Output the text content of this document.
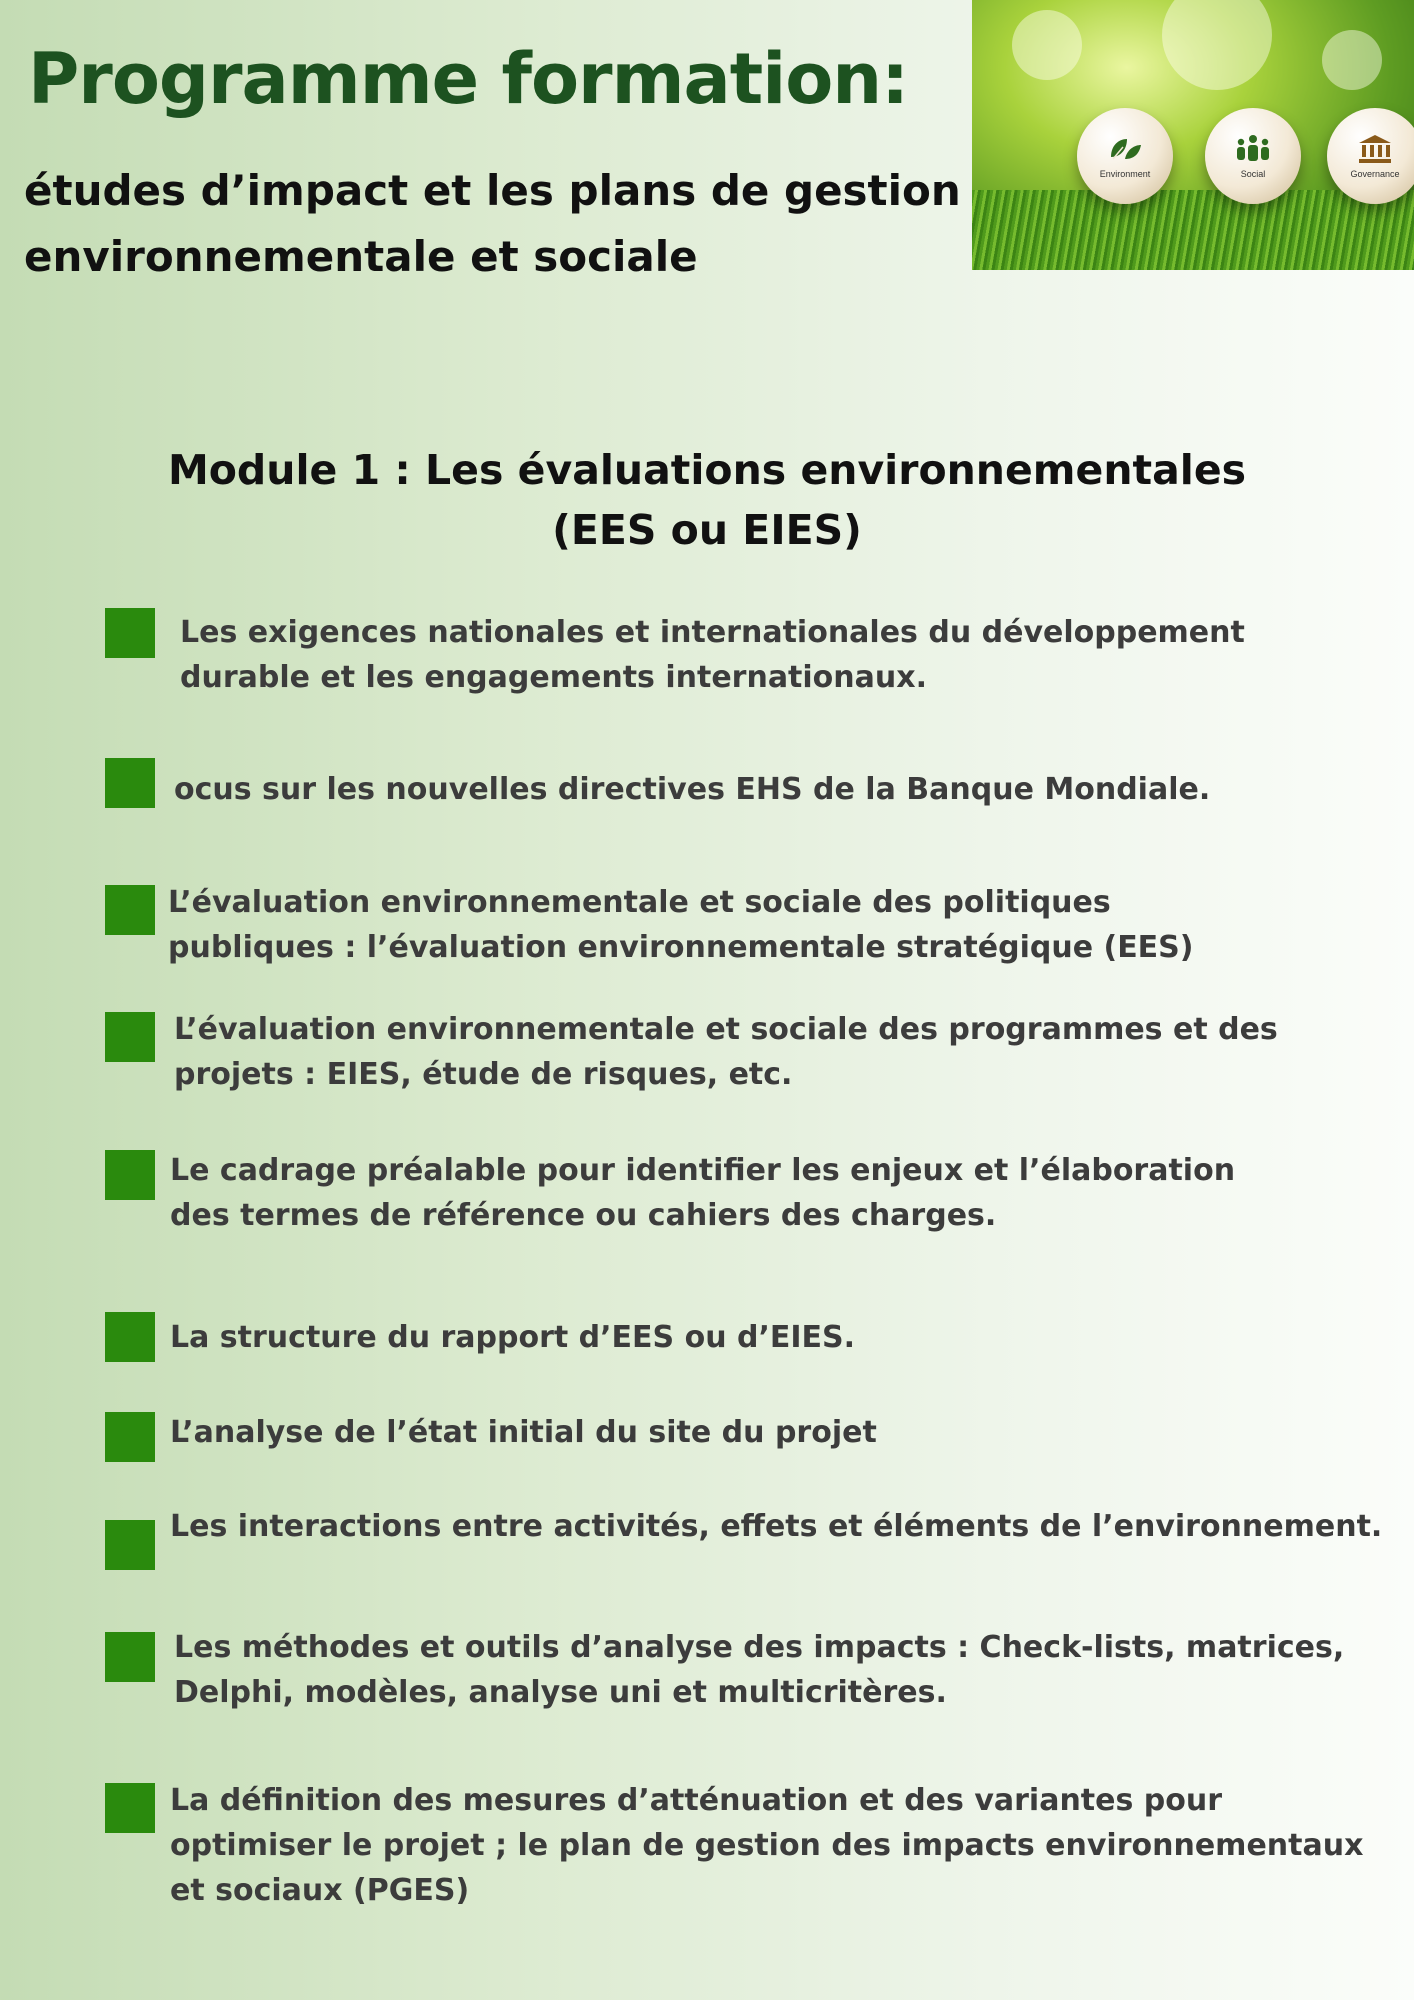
Programme formation:
études d’impact et les plans de gestion
environnementale et sociale
Environment	Social	Governance
Module 1 : Les évaluations environnementales
(EES ou EIES)
Les exigences nationales et internationales du développement
durable et les engagements internationaux.
ocus sur les nouvelles directives EHS de la Banque Mondiale.
L’évaluation environnementale et sociale des politiques
publiques : l’évaluation environnementale stratégique (EES)
L’évaluation environnementale et sociale des programmes et des
projets : EIES, étude de risques, etc.
Le cadrage préalable pour identifier les enjeux et l’élaboration
des termes de référence ou cahiers des charges.
La structure du rapport d’EES ou d’EIES.
L’analyse de l’état initial du site du projet
Les interactions entre activités, effets et éléments de l’environnement.
Les méthodes et outils d’analyse des impacts : Check-lists, matrices,
Delphi, modèles, analyse uni et multicritères.
La définition des mesures d’atténuation et des variantes pour
optimiser le projet ; le plan de gestion des impacts environnementaux
et sociaux (PGES)
